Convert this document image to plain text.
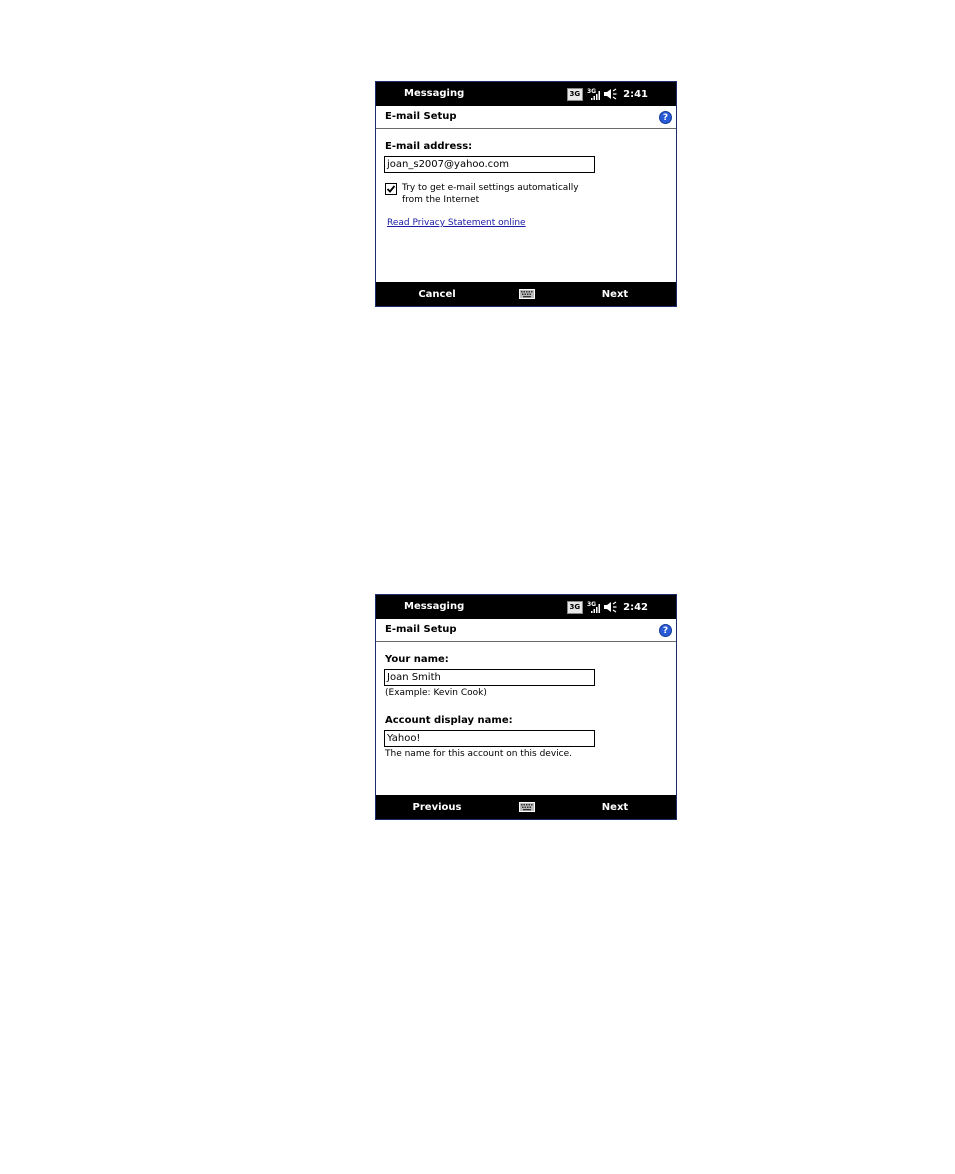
Messaging	3G	3G	2:41
E-mail Setup	?
E-mail address:
joan_s2007@yahoo.com
Try to get e-mail settings automatically
from the Internet
Read Privacy Statement online
Cancel	Next
Messaging	3G	3G	2:42
E-mail Setup	?
Your name:
Joan Smith
(Example: Kevin Cook)
Account display name:
Yahoo!
The name for this account on this device.
Previous	Next
